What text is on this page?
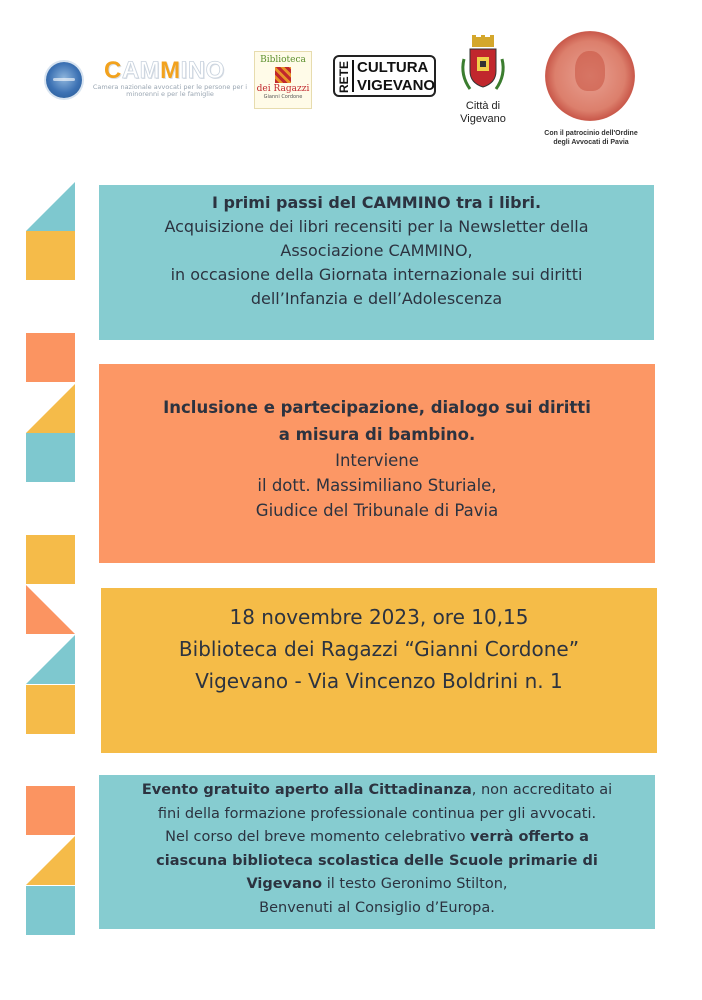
CAMMINO
Camera nazionale avvocati per le persone per i minorenni e per le famiglie
Biblioteca
dei Ragazzi
Gianni Cordone
RETE CULTURA
VIGEVANO
Città di
Vigevano
Con il patrocinio dell'Ordine
degli Avvocati di Pavia
I primi passi del CAMMINO tra i libri.
Acquisizione dei libri recensiti per la Newsletter della
Associazione CAMMINO,
in occasione della Giornata internazionale sui diritti
dell’Infanzia e dell’Adolescenza
Inclusione e partecipazione, dialogo sui diritti
a misura di bambino.
Interviene
il dott. Massimiliano Sturiale,
Giudice del Tribunale di Pavia
18 novembre 2023, ore 10,15
Biblioteca dei Ragazzi “Gianni Cordone”
Vigevano - Via Vincenzo Boldrini n. 1
Evento gratuito aperto alla Cittadinanza, non accreditato ai
fini della formazione professionale continua per gli avvocati.
Nel corso del breve momento celebrativo verrà offerto a
ciascuna biblioteca scolastica delle Scuole primarie di
Vigevano il testo Geronimo Stilton,
Benvenuti al Consiglio d’Europa.
